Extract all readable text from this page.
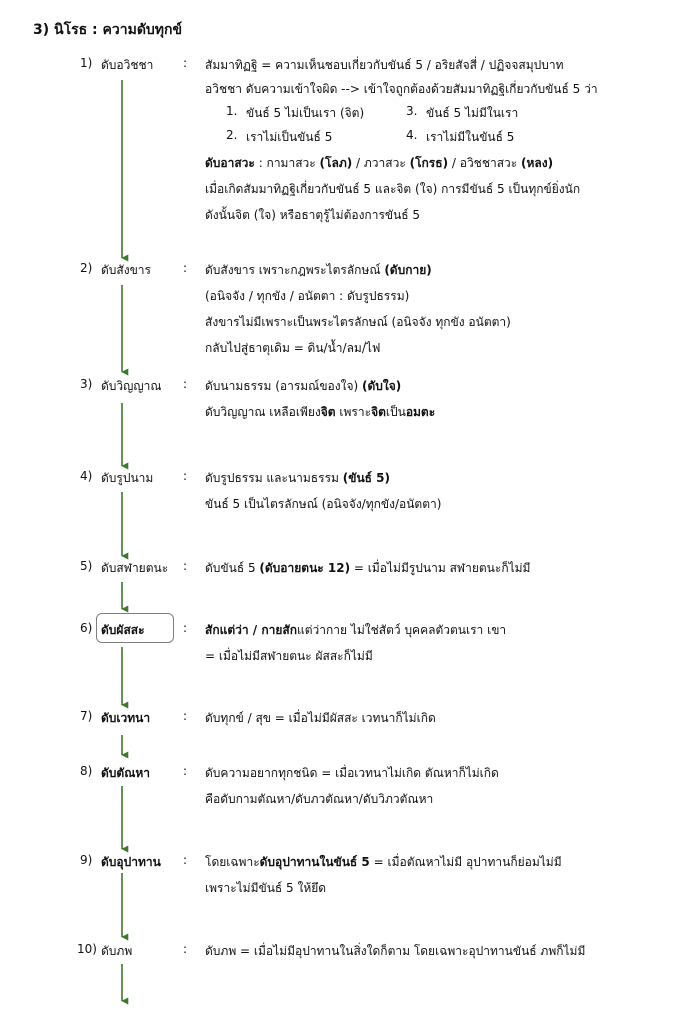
3) นิโรธ : ความดับทุกข์
1) ดับอวิชชา : สัมมาทิฏฐิ = ความเห็นชอบเกี่ยวกับขันธ์ 5 / อริยสัจสี่ / ปฏิจจสมุปบาท
อวิชชา ดับความเข้าใจผิด --> เข้าใจถูกต้องด้วยสัมมาทิฏฐิเกี่ยวกับขันธ์ 5 ว่า
1. ขันธ์ 5 ไม่เป็นเรา (จิต)	3. ขันธ์ 5 ไม่มีในเรา
2. เราไม่เป็นขันธ์ 5	4. เราไม่มีในขันธ์ 5
ดับอาสวะ : กามาสวะ (โลภ) / ภวาสวะ (โกรธ) / อวิชชาสวะ (หลง)
เมื่อเกิดสัมมาทิฏฐิเกี่ยวกับขันธ์ 5 และจิต (ใจ) การมีขันธ์ 5 เป็นทุกข์ยิ่งนัก
ดังนั้นจิต (ใจ) หรือธาตุรู้ไม่ต้องการขันธ์ 5
2) ดับสังขาร	: ดับสังขาร เพราะกฎพระไตรลักษณ์ (ดับกาย)
(อนิจจัง / ทุกขัง / อนัตตา : ดับรูปธรรม)
สังขารไม่มีเพราะเป็นพระไตรลักษณ์ (อนิจจัง ทุกขัง อนัตตา)
กลับไปสู่ธาตุเดิม = ดิน/น้ำ/ลม/ไฟ
3) ดับวิญญาณ : ดับนามธรรม (อารมณ์ของใจ) (ดับใจ)
ดับวิญญาณ เหลือเพียงจิต เพราะจิตเป็นอมตะ
4) ดับรูปนาม : ดับรูปธรรม และนามธรรม (ขันธ์ 5)
ขันธ์ 5 เป็นไตรลักษณ์ (อนิจจัง/ทุกขัง/อนัตตา)
5) ดับสฬายตนะ : ดับขันธ์ 5 (ดับอายตนะ 12) = เมื่อไม่มีรูปนาม สฬายตนะก็ไม่มี
6) ดับผัสสะ	: สักแต่ว่า / กายสักแต่ว่ากาย ไม่ใช่สัตว์ บุคคลตัวตนเรา เขา
= เมื่อไม่มีสฬายตนะ ผัสสะก็ไม่มี
7) ดับเวทนา	: ดับทุกข์ / สุข = เมื่อไม่มีผัสสะ เวทนาก็ไม่เกิด
8) ดับตัณหา	: ดับความอยากทุกชนิด = เมื่อเวทนาไม่เกิด ตัณหาก็ไม่เกิด
คือดับกามตัณหา/ดับภวตัณหา/ดับวิภวตัณหา
9) ดับอุปาทาน : โดยเฉพาะดับอุปาทานในขันธ์ 5 = เมื่อตัณหาไม่มี อุปาทานก็ย่อมไม่มี
เพราะไม่มีขันธ์ 5 ให้ยึด
10) ดับภพ	: ดับภพ = เมื่อไม่มีอุปาทานในสิ่งใดก็ตาม โดยเฉพาะอุปาทานขันธ์ ภพก็ไม่มี
